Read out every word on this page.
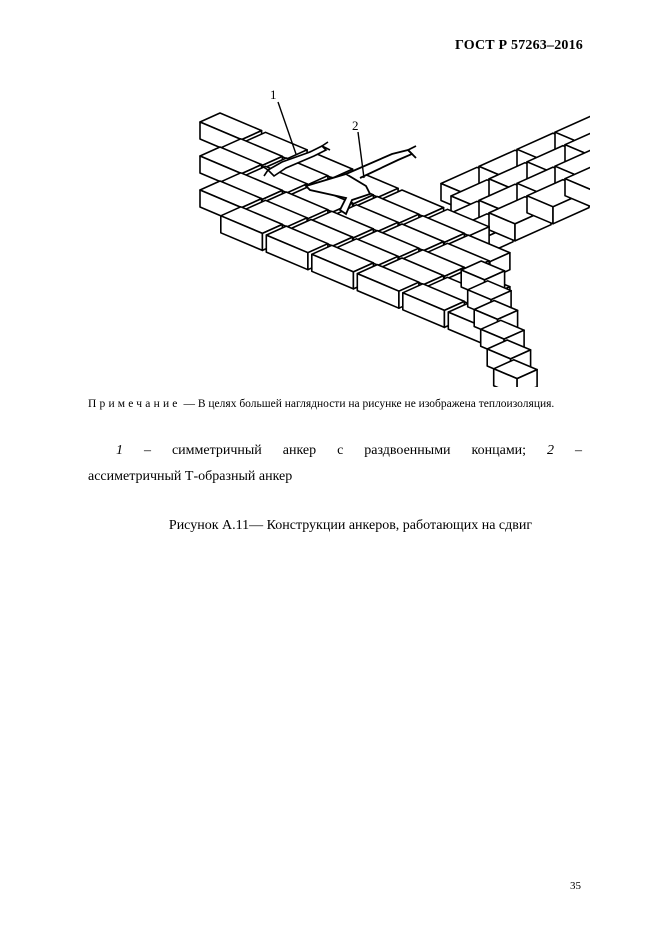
ГОСТ Р 57263–2016
1
2
Примечание — В целях большей наглядности на рисунке не изображена теплоизоляция.
1 – симметричный анкер с раздвоенными концами; 2 –
ассиметричный Т-образный анкер
Рисунок А.11— Конструкции анкеров, работающих на сдвиг
35
